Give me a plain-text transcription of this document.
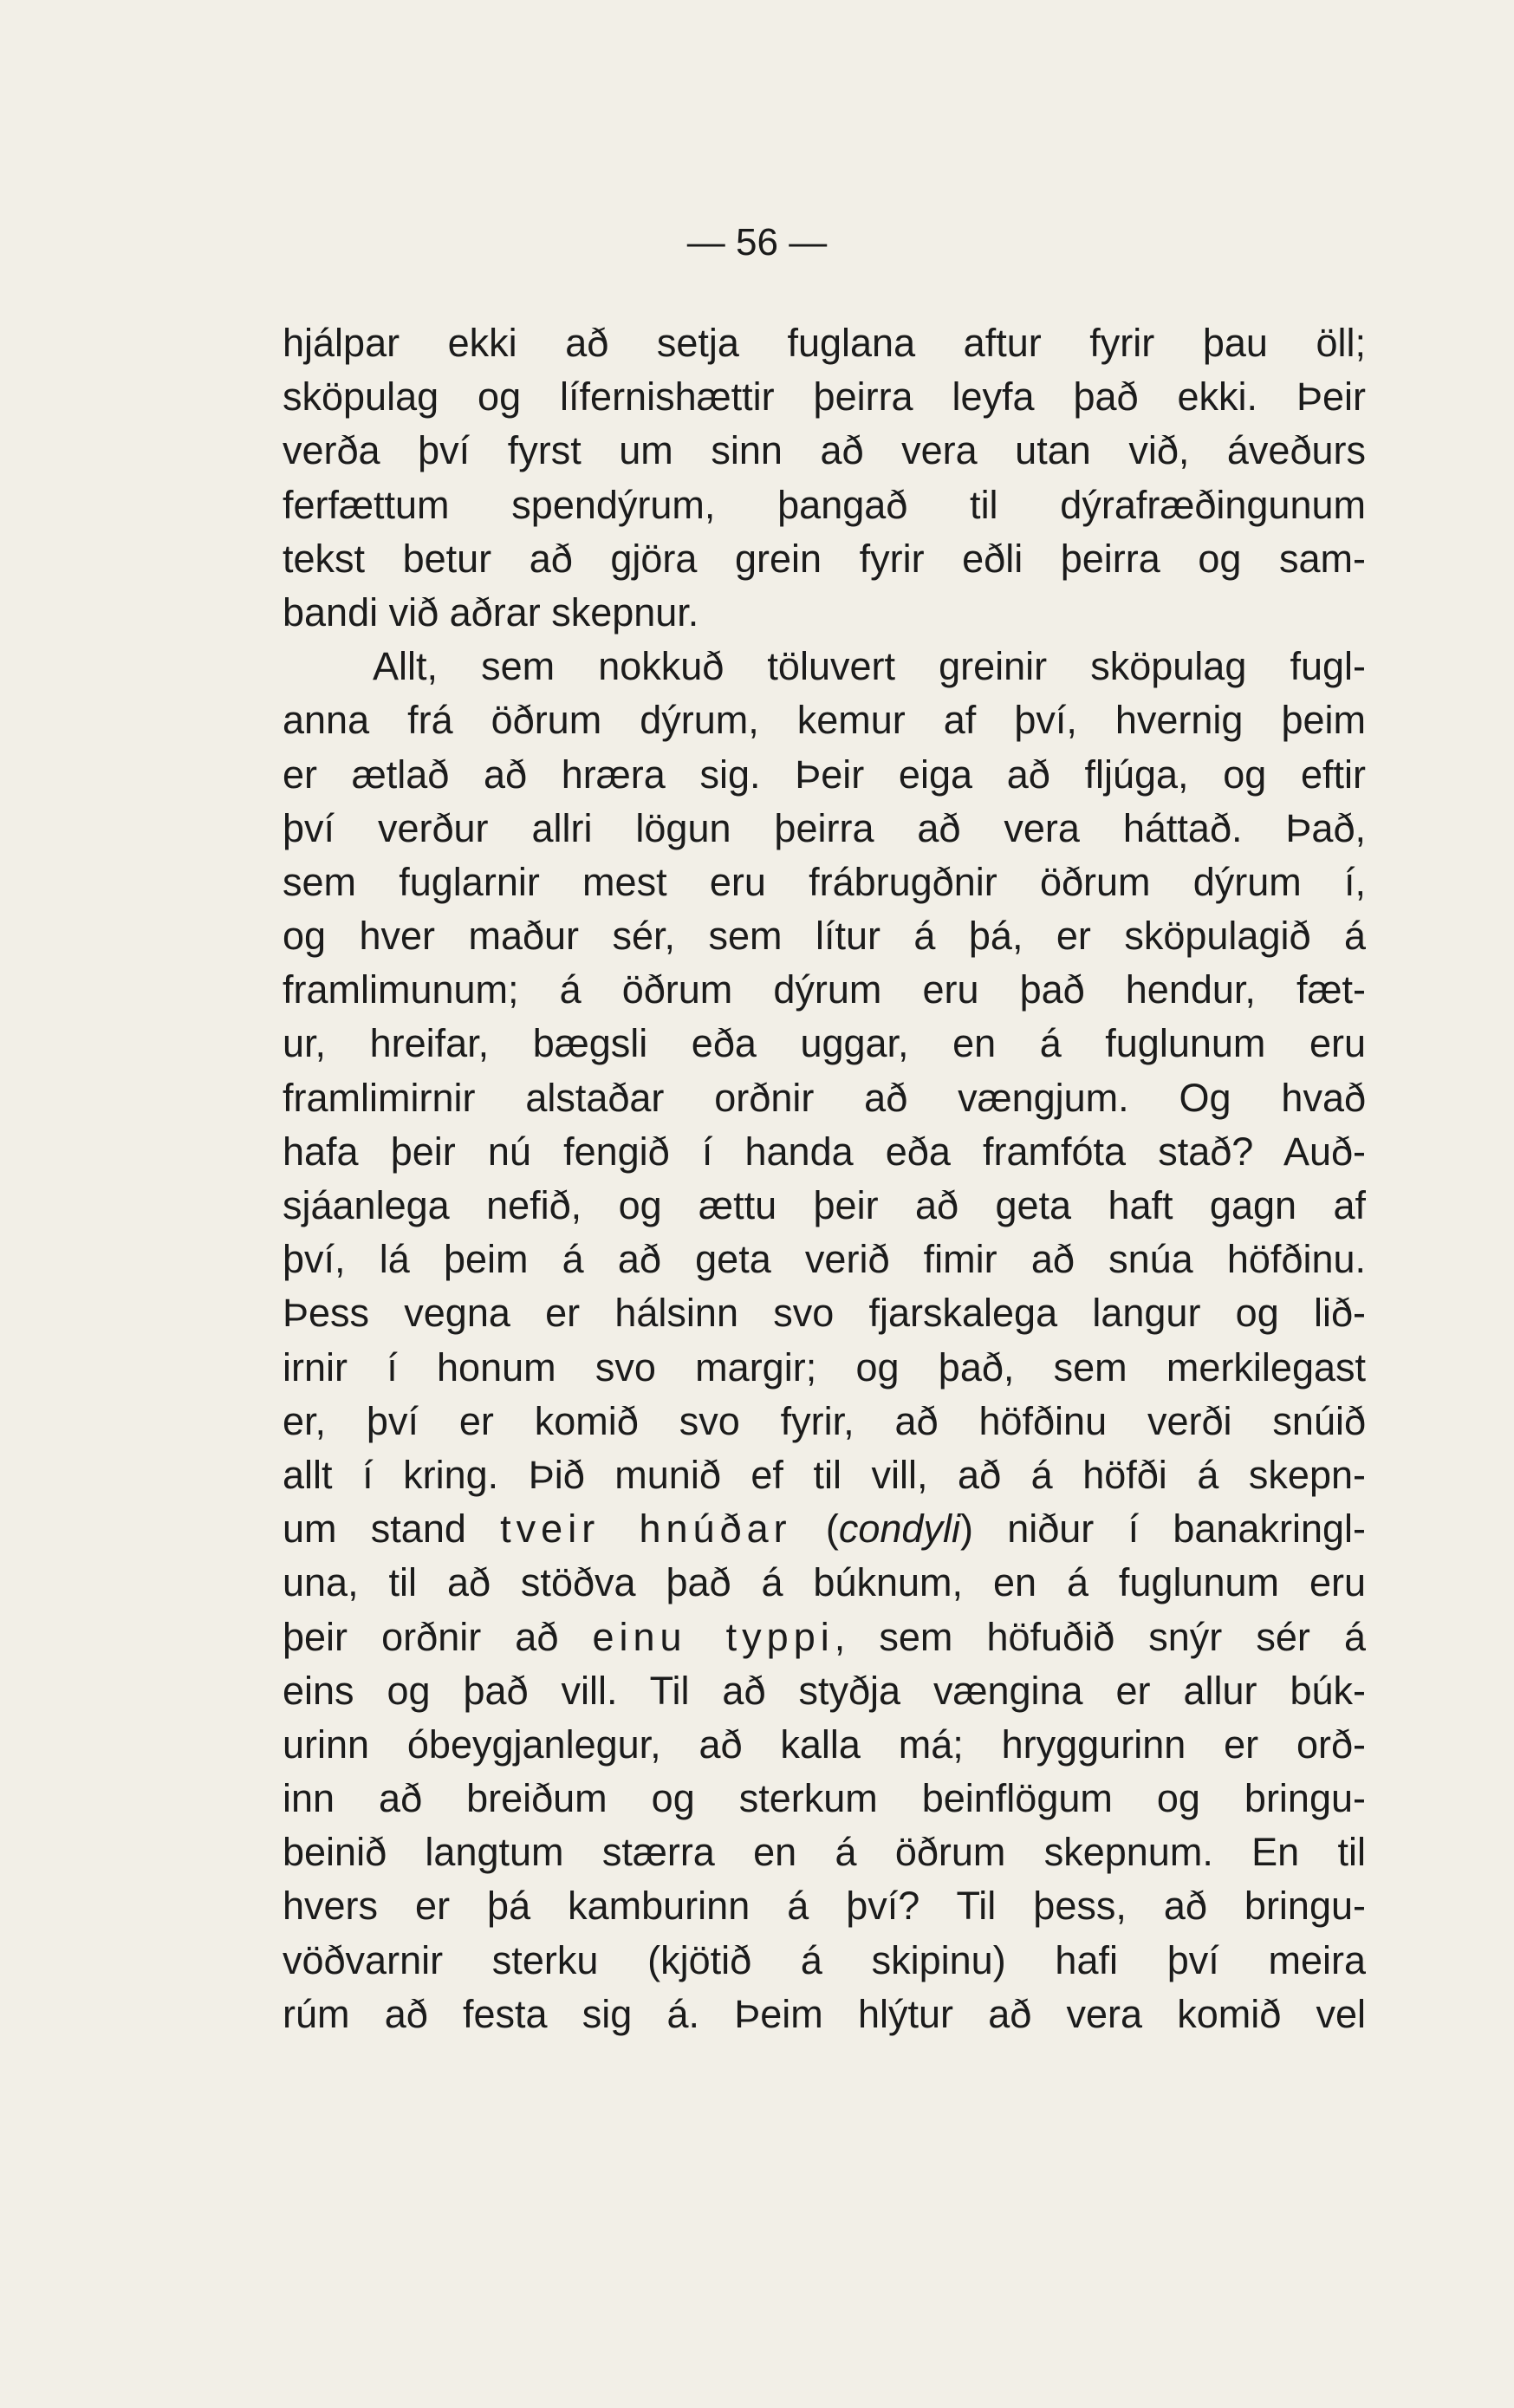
— 56 —
hjálpar ekki að setja fuglana aftur fyrir þau öll;
sköpulag og lífernishættir þeirra leyfa það ekki. Þeir
verða því fyrst um sinn að vera utan við, áveðurs
ferfættum spendýrum, þangað til dýrafræðingunum
tekst betur að gjöra grein fyrir eðli þeirra og sam-
bandi við aðrar skepnur.
Allt, sem nokkuð töluvert greinir sköpulag fugl-
anna frá öðrum dýrum, kemur af því, hvernig þeim
er ætlað að hræra sig. Þeir eiga að fljúga, og eftir
því verður allri lögun þeirra að vera háttað. Það,
sem fuglarnir mest eru frábrugðnir öðrum dýrum í,
og hver maður sér, sem lítur á þá, er sköpulagið á
framlimunum; á öðrum dýrum eru það hendur, fæt-
ur, hreifar, bægsli eða uggar, en á fuglunum eru
framlimirnir alstaðar orðnir að vængjum. Og hvað
hafa þeir nú fengið í handa eða framfóta stað? Auð-
sjáanlega nefið, og ættu þeir að geta haft gagn af
því, lá þeim á að geta verið fimir að snúa höfðinu.
Þess vegna er hálsinn svo fjarskalega langur og lið-
irnir í honum svo margir; og það, sem merkilegast
er, því er komið svo fyrir, að höfðinu verði snúið
allt í kring. Þið munið ef til vill, að á höfði á skepn-
um stand tveir hnúðar (condyli) niður í banakringl-
una, til að stöðva það á búknum, en á fuglunum eru
þeir orðnir að einu typpi, sem höfuðið snýr sér á
eins og það vill. Til að styðja vængina er allur búk-
urinn óbeygjanlegur, að kalla má; hryggurinn er orð-
inn að breiðum og sterkum beinflögum og bringu-
beinið langtum stærra en á öðrum skepnum. En til
hvers er þá kamburinn á því? Til þess, að bringu-
vöðvarnir sterku (kjötið á skipinu) hafi því meira
rúm að festa sig á. Þeim hlýtur að vera komið vel
